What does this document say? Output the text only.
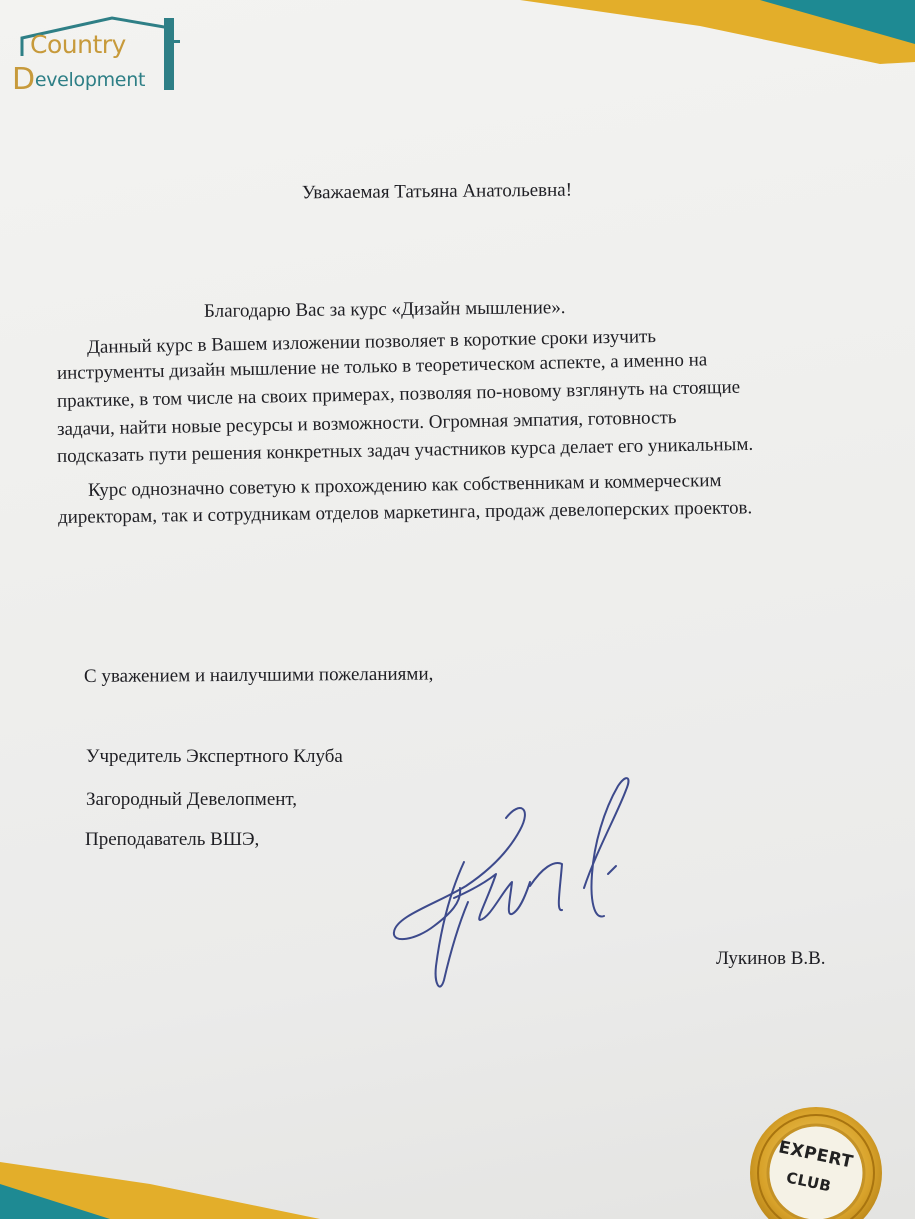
Country
Development
Уважаемая Татьяна Анатольевна!
Благодарю Вас за курс «Дизайн мышление».
Данный курс в Вашем изложении позволяет в короткие сроки изучить
инструменты дизайн мышление не только в теоретическом аспекте, а именно на
практике, в том числе на своих примерах, позволяя по-новому взглянуть на стоящие
задачи, найти новые ресурсы и возможности. Огромная эмпатия, готовность
подсказать пути решения конкретных задач участников курса делает его уникальным.
Курс однозначно советую к прохождению как собственникам и коммерческим
директорам, так и сотрудникам отделов маркетинга, продаж девелоперских проектов.
С уважением и наилучшими пожеланиями,
Учредитель Экспертного Клуба
Загородный Девелопмент,
Преподаватель ВШЭ,
Лукинов В.В.
EXPERT
CLUB
